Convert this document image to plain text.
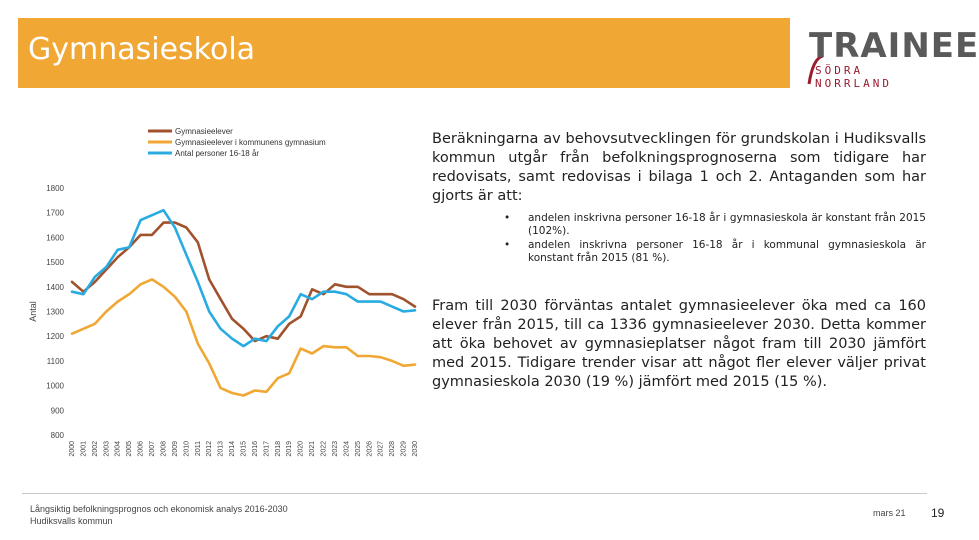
Gymnasieskola	TRAINEE
SÖDRA NORRLAND
Gymnasieelever
Gymnasieelever i kommunens gymnasium
Antal personer 16-18 år
800
900
1000
1100
1200
1300
1400
1500
1600
1700
1800
2000 2001 2002 2003 2004 2005 2006 2007 2008 2009 2010 2011 2012 2013 2014 2015 2016 2017 2018 2019 2020 2021 2022 2023 2024 2025 2026 2027 2028 2029 2030
Antal
Beräkningarna av behovsutvecklingen för grundskolan i Hudiksvalls kommun utgår från befolkningsprognoserna som tidigare har redovisats, samt redovisas i bilaga 1 och 2. Antaganden som har gjorts är att:
• andelen inskrivna personer 16-18 år i gymnasieskola är konstant från 2015 (102%).
• andelen inskrivna personer 16-18 år i kommunal gymnasieskola är konstant från 2015 (81 %).
Fram till 2030 förväntas antalet gymnasieelever öka med ca 160 elever från 2015, till ca 1336 gymnasieelever 2030. Detta kommer att öka behovet av gymnasieplatser något fram till 2030 jämfört med 2015. Tidigare trender visar att något fler elever väljer privat gymnasieskola 2030 (19 %) jämfört med 2015 (15 %).
Långsiktig befolkningsprognos och ekonomisk analys 2016-2030
Hudiksvalls kommun
mars 21 19
